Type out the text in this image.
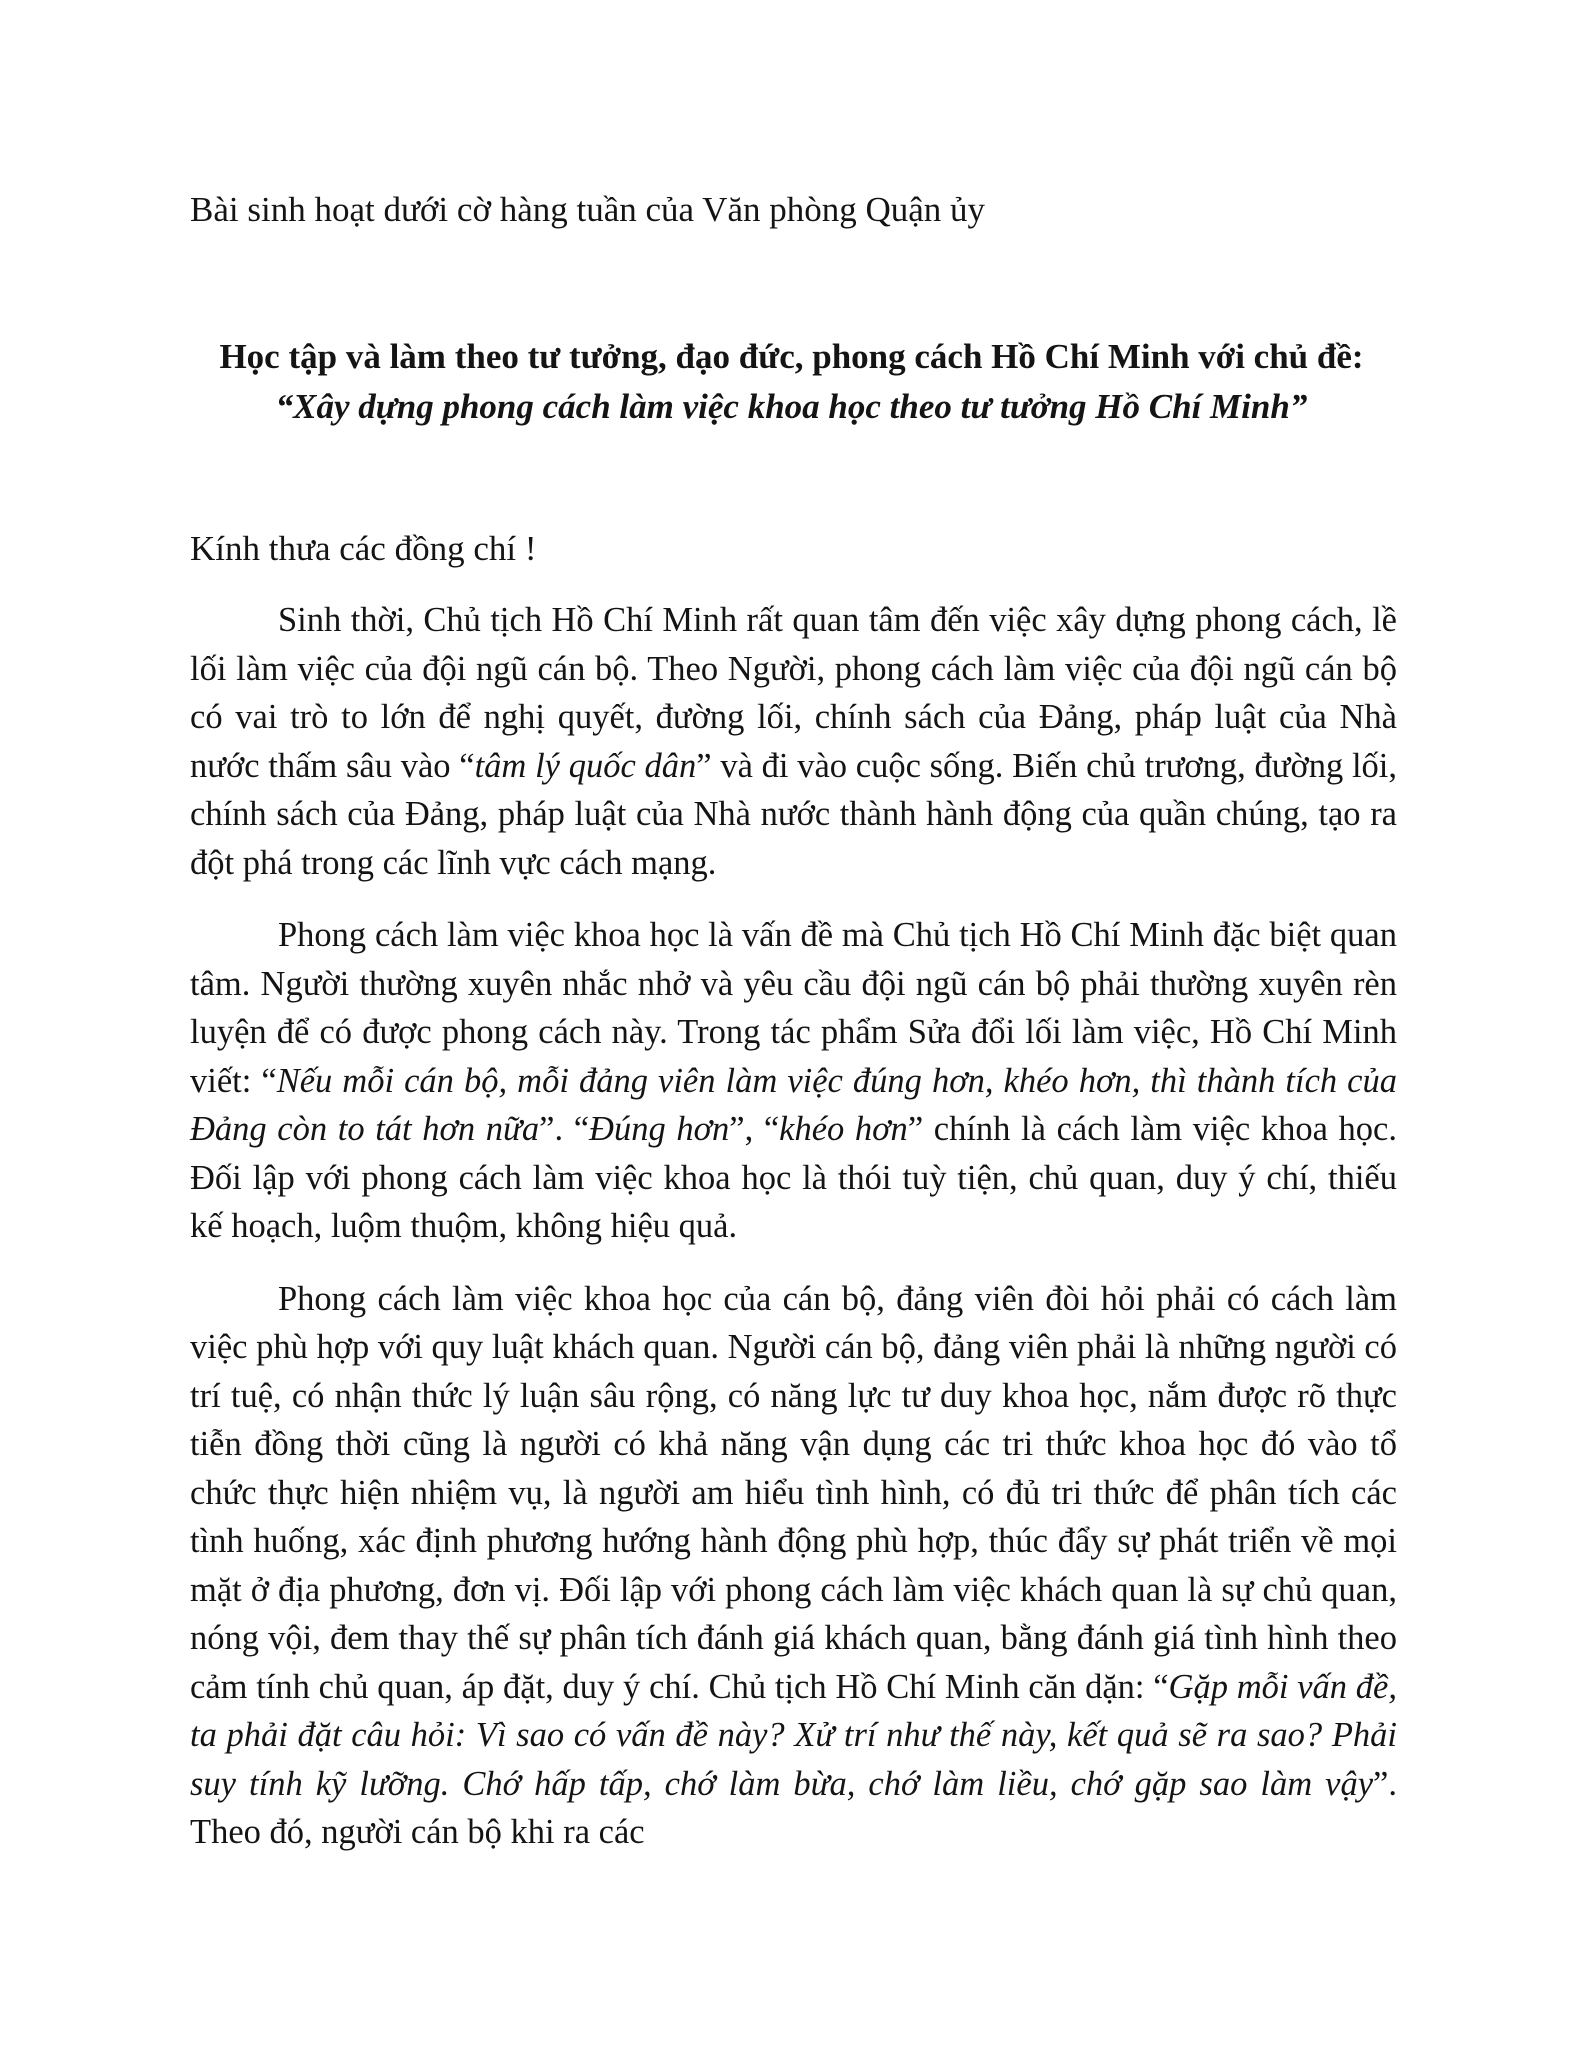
Bài sinh hoạt dưới cờ hàng tuần của Văn phòng Quận ủy
Học tập và làm theo tư tưởng, đạo đức, phong cách Hồ Chí Minh với chủ đề:
“Xây dựng phong cách làm việc khoa học theo tư tưởng Hồ Chí Minh”
Kính thưa các đồng chí !

Sinh thời, Chủ tịch Hồ Chí Minh rất quan tâm đến việc xây dựng phong cách, lề lối làm việc của đội ngũ cán bộ. Theo Người, phong cách làm việc của đội ngũ cán bộ có vai trò to lớn để nghị quyết, đường lối, chính sách của Đảng, pháp luật của Nhà nước thấm sâu vào “tâm lý quốc dân” và đi vào cuộc sống. Biến chủ trương, đường lối, chính sách của Đảng, pháp luật của Nhà nước thành hành động của quần chúng, tạo ra đột phá trong các lĩnh vực cách mạng.

Phong cách làm việc khoa học là vấn đề mà Chủ tịch Hồ Chí Minh đặc biệt quan tâm. Người thường xuyên nhắc nhở và yêu cầu đội ngũ cán bộ phải thường xuyên rèn luyện để có được phong cách này. Trong tác phẩm Sửa đổi lối làm việc, Hồ Chí Minh viết: “Nếu mỗi cán bộ, mỗi đảng viên làm việc đúng hơn, khéo hơn, thì thành tích của Đảng còn to tát hơn nữa”. “Đúng hơn”, “khéo hơn” chính là cách làm việc khoa học. Đối lập với phong cách làm việc khoa học là thói tuỳ tiện, chủ quan, duy ý chí, thiếu kế hoạch, luộm thuộm, không hiệu quả.

Phong cách làm việc khoa học của cán bộ, đảng viên đòi hỏi phải có cách làm việc phù hợp với quy luật khách quan. Người cán bộ, đảng viên phải là những người có trí tuệ, có nhận thức lý luận sâu rộng, có năng lực tư duy khoa học, nắm được rõ thực tiễn đồng thời cũng là người có khả năng vận dụng các tri thức khoa học đó vào tổ chức thực hiện nhiệm vụ, là người am hiểu tình hình, có đủ tri thức để phân tích các tình huống, xác định phương hướng hành động phù hợp, thúc đẩy sự phát triển về mọi mặt ở địa phương, đơn vị. Đối lập với phong cách làm việc khách quan là sự chủ quan, nóng vội, đem thay thế sự phân tích đánh giá khách quan, bằng đánh giá tình hình theo cảm tính chủ quan, áp đặt, duy ý chí. Chủ tịch Hồ Chí Minh căn dặn: “Gặp mỗi vấn đề, ta phải đặt câu hỏi: Vì sao có vấn đề này? Xử trí như thế này, kết quả sẽ ra sao? Phải suy tính kỹ lưỡng. Chớ hấp tấp, chớ làm bừa, chớ làm liều, chớ gặp sao làm vậy”. Theo đó, người cán bộ khi ra các
